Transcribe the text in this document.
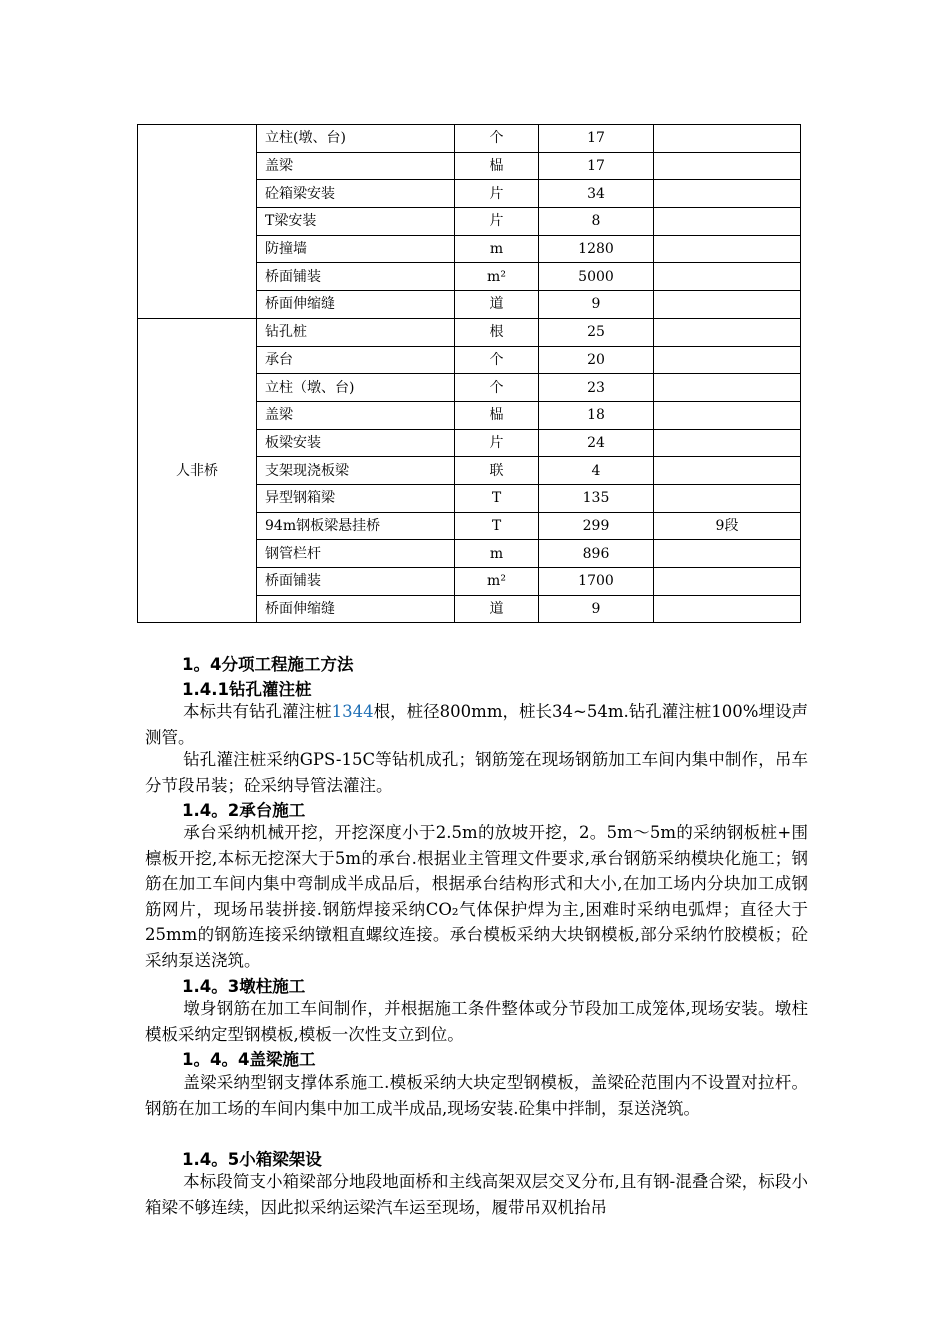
	立柱(墩、台)	个	17	
	盖梁	榀	17	
	砼箱梁安装	片	34	
	T梁安装	片	8	
	防撞墙	m	1280	
	桥面铺装	m²	5000	
	桥面伸缩缝	道	9	
人非桥	钻孔桩	根	25	
	承台	个	20	
	立柱（墩、台)	个	23	
	盖梁	榀	18	
	板梁安装	片	24	
	支架现浇板梁	联	4	
	异型钢箱梁	T	135	
	94m钢板梁悬挂桥	T	299	9段
	钢管栏杆	m	896	
	桥面铺装	m²	1700	
	桥面伸缩缝	道	9	
1。4分项工程施工方法
1.4.1钻孔灌注桩
本标共有钻孔灌注桩1344根，桩径800mm，桩长34~54m.钻孔灌注桩100%埋设声测管。
钻孔灌注桩采纳GPS-15C等钻机成孔；钢筋笼在现场钢筋加工车间内集中制作，吊车分节段吊装；砼采纳导管法灌注。
1.4。2承台施工
承台采纳机械开挖，开挖深度小于2.5m的放坡开挖，2。5m～5m的采纳钢板桩+围檩板开挖,本标无挖深大于5m的承台.根据业主管理文件要求,承台钢筋采纳模块化施工；钢筋在加工车间内集中弯制成半成品后，根据承台结构形式和大小,在加工场内分块加工成钢筋网片，现场吊装拼接.钢筋焊接采纳CO₂气体保护焊为主,困难时采纳电弧焊；直径大于25mm的钢筋连接采纳镦粗直螺纹连接。承台模板采纳大块钢模板,部分采纳竹胶模板；砼采纳泵送浇筑。
1.4。3墩柱施工
墩身钢筋在加工车间制作，并根据施工条件整体或分节段加工成笼体,现场安装。墩柱模板采纳定型钢模板,模板一次性支立到位。
1。4。4盖梁施工
盖梁采纳型钢支撑体系施工.模板采纳大块定型钢模板，盖梁砼范围内不设置对拉杆。钢筋在加工场的车间内集中加工成半成品,现场安装.砼集中拌制，泵送浇筑。
1.4。5小箱梁架设
本标段简支小箱梁部分地段地面桥和主线高架双层交叉分布,且有钢-混叠合梁，标段小箱梁不够连续，因此拟采纳运梁汽车运至现场，履带吊双机抬吊
